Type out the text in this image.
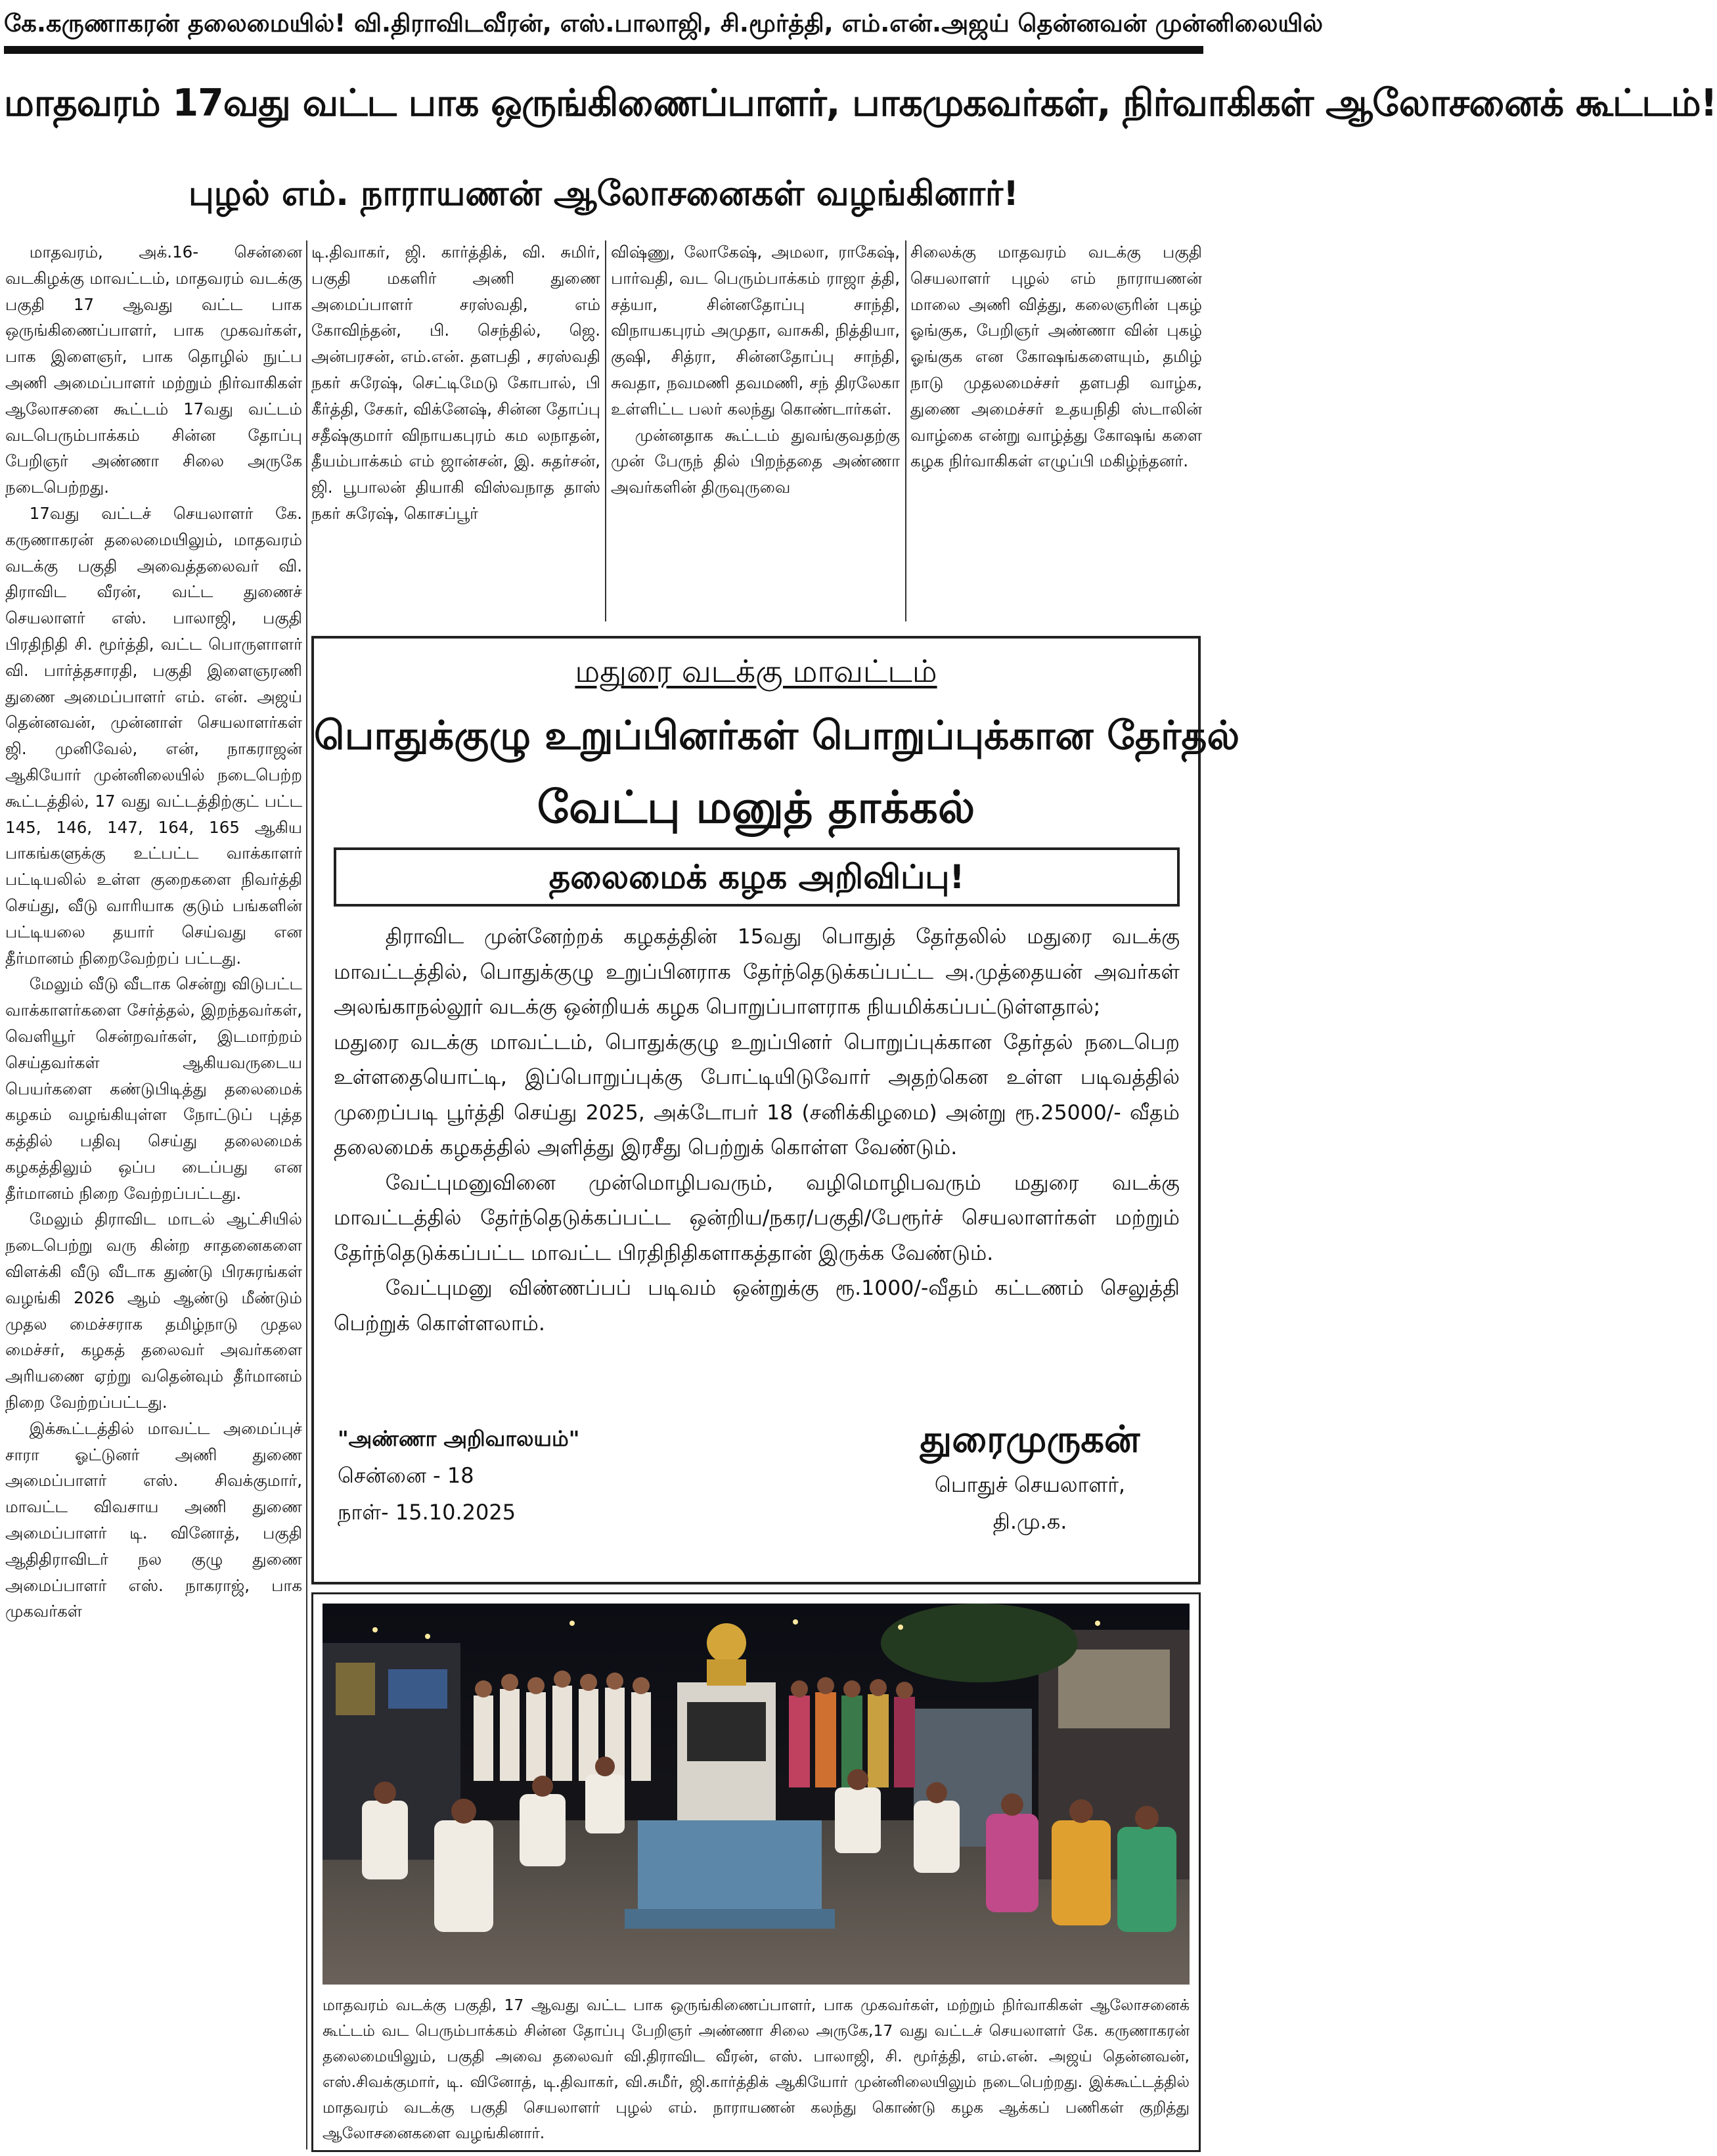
கே.கருணாகரன் தலைமையில்! வி.திராவிடவீரன், எஸ்.பாலாஜி, சி.மூர்த்தி, எம்.என்.அஜய் தென்னவன் முன்னிலையில்
மாதவரம் 17வது வட்ட பாக ஒருங்கிணைப்பாளர், பாகமுகவர்கள், நிர்வாகிகள் ஆலோசனைக் கூட்டம்!
புழல் எம். நாராயணன் ஆலோசனைகள் வழங்கினார்!

மாதவரம், அக்.16- சென்னை வடகிழக்கு மாவட்டம், மாதவரம் வடக்கு பகுதி 17 ஆவது வட்ட பாக ஒருங்கிணைப்பாளர், பாக முகவர்கள், பாக இளைஞர், பாக தொழில் நுட்ப அணி அமைப்பாளர் மற்றும் நிர்வாகிகள் ஆலோசனை கூட்டம் 17வது வட்டம் வடபெரும்பாக்கம் சின்ன தோப்பு பேறிஞர் அண்ணா சிலை அருகே நடைபெற்றது.

17வது வட்டச் செயலாளர் கே. கருணாகரன் தலைமையிலும், மாதவரம் வடக்கு பகுதி அவைத்தலைவர் வி. திராவிட வீரன், வட்ட துணைச் செயலாளர் எஸ். பாலாஜி, பகுதி பிரதிநிதி சி. மூர்த்தி, வட்ட பொருளாளர் வி. பார்த்தசாரதி, பகுதி இளைஞரணி துணை அமைப்பாளர் எம். என். அஜய் தென்னவன், முன்னாள் செயலாளர்கள் ஜி. முனிவேல், என், நாகராஜன் ஆகியோர் முன்னிலையில் நடைபெற்ற கூட்டத்தில், 17 வது வட்டத்திற்குட் பட்ட 145, 146, 147, 164, 165 ஆகிய பாகங்களுக்கு உட்பட்ட வாக்காளர் பட்டியலில் உள்ள குறைகளை நிவர்த்தி செய்து, வீடு வாரியாக குடும் பங்களின் பட்டியலை தயார் செய்வது என தீர்மானம் நிறைவேற்றப் பட்டது.

மேலும் வீடு வீடாக சென்று விடுபட்ட வாக்காளர்களை சேர்த்தல், இறந்தவர்கள், வெளியூர் சென்றவர்கள், இடமாற்றம் செய்தவர்கள் ஆகியவருடைய பெயர்களை கண்டுபிடித்து தலைமைக் கழகம் வழங்கியுள்ள நோட்டுப் புத்த கத்தில் பதிவு செய்து தலைமைக் கழகத்திலும் ஒப்ப டைப்பது என தீர்மானம் நிறை வேற்றப்பட்டது.

மேலும் திராவிட மாடல் ஆட்சியில் நடைபெற்று வரு கின்ற சாதனைகளை விளக்கி வீடு வீடாக துண்டு பிரசுரங்கள் வழங்கி 2026 ஆம் ஆண்டு மீண்டும் முதல மைச்சராக தமிழ்நாடு முதல மைச்சர், கழகத் தலைவர் அவர்களை அரியணை ஏற்று வதென்வும் தீர்மானம் நிறை வேற்றப்பட்டது.

இக்கூட்டத்தில் மாவட்ட அமைப்புச் சாரா ஓட்டுனர் அணி துணை அமைப்பாளர் எஸ். சிவக்குமார், மாவட்ட விவசாய அணி துணை அமைப்பாளர் டி. வினோத், பகுதி ஆதிதிராவிடர் நல குழு துணை அமைப்பாளர் எஸ். நாகராஜ், பாக முகவர்கள்

டி.திவாகர், ஜி. கார்த்திக், வி. சுமிர், பகுதி மகளிர் அணி துணை அமைப்பாளர் சரஸ்வதி, எம் கோவிந்தன், பி. செந்தில், ஜெ. அன்பரசன், எம்.என். தளபதி , சரஸ்வதி நகர் சுரேஷ், செட்டிமேடு கோபால், பி கீர்த்தி, சேகர், விக்னேஷ், சின்ன தோப்பு சதீஷ்குமார் விநாயகபுரம் கம லநாதன், தீயம்பாக்கம் எம் ஜான்சன், இ. சுதர்சன், ஜி. பூபாலன் தியாகி விஸ்வநாத தாஸ் நகர் சுரேஷ், கொசப்பூர்

விஷ்ணு, லோகேஷ், அமலா, ராகேஷ், பார்வதி, வட பெரும்பாக்கம் ராஜா த்தி, சத்யா, சின்னதோப்பு சாந்தி, விநாயகபுரம் அமுதா, வாசுகி, நித்தியா, குஷி, சித்ரா, சின்னதோப்பு சாந்தி, சுவதா, நவமணி தவமணி, சந் திரலேகா உள்ளிட்ட பலர் கலந்து கொண்டார்கள்.

முன்னதாக கூட்டம் துவங்குவதற்கு முன் பேருந் தில் பிறந்ததை அண்ணா அவர்களின் திருவுருவை

சிலைக்கு மாதவரம் வடக்கு பகுதி செயலாளர் புழல் எம் நாராயணன் மாலை அணி வித்து, கலைஞரின் புகழ் ஓங்குக, பேறிஞர் அண்ணா வின் புகழ் ஓங்குக என கோஷங்களையும், தமிழ் நாடு முதலமைச்சர் தளபதி வாழ்க, துணை அமைச்சர் உதயநிதி ஸ்டாலின் வாழ்கை என்று வாழ்த்து கோஷங் களை கழக நிர்வாகிகள் எழுப்பி மகிழ்ந்தனர்.

மதுரை வடக்கு மாவட்டம்
பொதுக்குழு உறுப்பினர்கள் பொறுப்புக்கான தேர்தல்
வேட்பு மனுத் தாக்கல்
தலைமைக் கழக அறிவிப்பு!

திராவிட முன்னேற்றக் கழகத்தின் 15வது பொதுத் தேர்தலில் மதுரை வடக்கு மாவட்டத்தில், பொதுக்குழு உறுப்பினராக தேர்ந்தெடுக்கப்பட்ட அ.முத்தையன் அவர்கள் அலங்காநல்லூர் வடக்கு ஒன்றியக் கழக பொறுப்பாளராக நியமிக்கப்பட்டுள்ளதால்;

மதுரை வடக்கு மாவட்டம், பொதுக்குழு உறுப்பினர் பொறுப்புக்கான தேர்தல் நடைபெற உள்ளதையொட்டி, இப்பொறுப்புக்கு போட்டியிடுவோர் அதற்கென உள்ள படிவத்தில் முறைப்படி பூர்த்தி செய்து 2025, அக்டோபர் 18 (சனிக்கிழமை) அன்று ரூ.25000/- வீதம் தலைமைக் கழகத்தில் அளித்து இரசீது பெற்றுக் கொள்ள வேண்டும்.

வேட்புமனுவினை முன்மொழிபவரும், வழிமொழிபவரும் மதுரை வடக்கு மாவட்டத்தில் தேர்ந்தெடுக்கப்பட்ட ஒன்றிய/நகர/பகுதி/பேரூர்ச் செயலாளர்கள் மற்றும் தேர்ந்தெடுக்கப்பட்ட மாவட்ட பிரதிநிதிகளாகத்தான் இருக்க வேண்டும்.

வேட்புமனு விண்ணப்பப் படிவம் ஒன்றுக்கு ரூ.1000/-வீதம் கட்டணம் செலுத்தி பெற்றுக் கொள்ளலாம்.

"அண்ணா அறிவாலயம்"
சென்னை - 18
நாள்- 15.10.2025
துரைமுருகன்
பொதுச் செயலாளர்,
தி.மு.க.
மாதவரம் வடக்கு பகுதி, 17 ஆவது வட்ட பாக ஒருங்கிணைப்பாளர், பாக முகவர்கள், மற்றும் நிர்வாகிகள் ஆலோசனைக் கூட்டம் வட பெரும்பாக்கம் சின்ன தோப்பு பேறிஞர் அண்ணா சிலை அருகே,17 வது வட்டச் செயலாளர் கே. கருணாகரன் தலைமையிலும், பகுதி அவை தலைவர் வி.திராவிட வீரன், எஸ். பாலாஜி, சி. மூர்த்தி, எம்.என். அஜய் தென்னவன், எஸ்.சிவக்குமார், டி. வினோத், டி.திவாகர், வி.சுமீர், ஜி.கார்த்திக் ஆகியோர் முன்னிலையிலும் நடைபெற்றது. இக்கூட்டத்தில் மாதவரம் வடக்கு பகுதி செயலாளர் புழல் எம். நாராயணன் கலந்து கொண்டு கழக ஆக்கப் பணிகள் குறித்து ஆலோசனைகளை வழங்கினார்.
